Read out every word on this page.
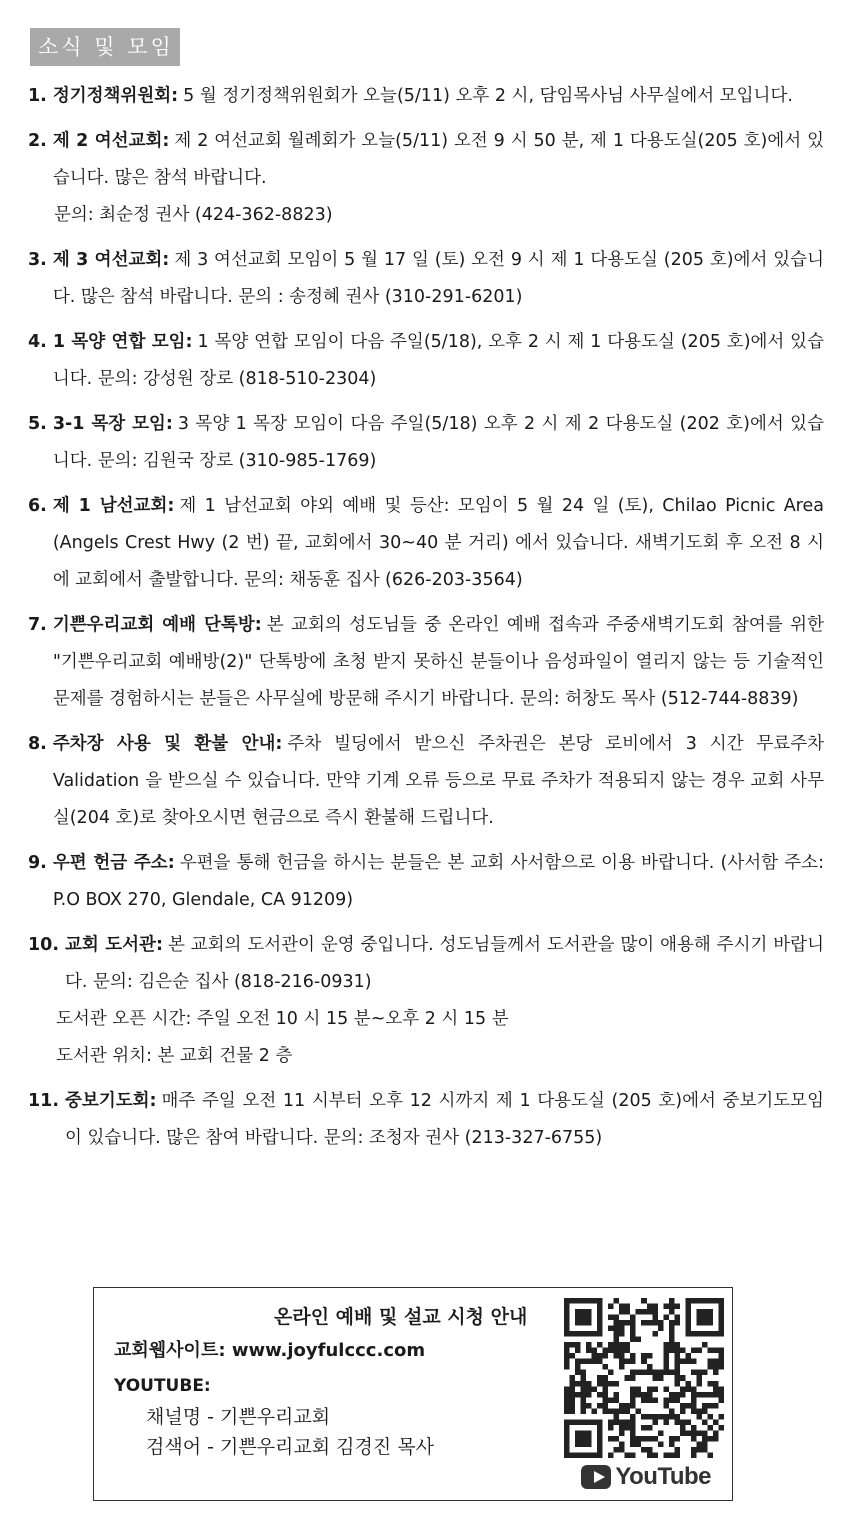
소식 및 모임
1. 정기정책위원회: 5 월 정기정책위원회가 오늘(5/11) 오후 2 시, 담임목사님 사무실에서 모입니다.
2. 제 2 여선교회: 제 2 여선교회 월례회가 오늘(5/11) 오전 9 시 50 분, 제 1 다용도실(205 호)에서 있습니다. 많은 참석 바랍니다.
문의: 최순정 권사 (424-362-8823)
3. 제 3 여선교회: 제 3 여선교회 모임이 5 월 17 일 (토) 오전 9 시 제 1 다용도실 (205 호)에서 있습니다. 많은 참석 바랍니다. 문의 : 송정혜 권사 (310-291-6201)
4. 1 목양 연합 모임: 1 목양 연합 모임이 다음 주일(5/18), 오후 2 시 제 1 다용도실 (205 호)에서 있습니다. 문의: 강성원 장로 (818-510-2304)
5. 3-1 목장 모임: 3 목양 1 목장 모임이 다음 주일(5/18) 오후 2 시 제 2 다용도실 (202 호)에서 있습니다. 문의: 김원국 장로 (310-985-1769)
6. 제 1 남선교회: 제 1 남선교회 야외 예배 및 등산: 모임이 5 월 24 일 (토), Chilao Picnic Area (Angels Crest Hwy (2 번) 끝, 교회에서 30~40 분 거리) 에서 있습니다. 새벽기도회 후 오전 8 시에 교회에서 출발합니다. 문의: 채동훈 집사 (626-203-3564)
7. 기쁜우리교회 예배 단톡방: 본 교회의 성도님들 중 온라인 예배 접속과 주중새벽기도회 참여를 위한 "기쁜우리교회 예배방(2)" 단톡방에 초청 받지 못하신 분들이나 음성파일이 열리지 않는 등 기술적인 문제를 경험하시는 분들은 사무실에 방문해 주시기 바랍니다. 문의: 허창도 목사 (512-744-8839)
8. 주차장 사용 및 환불 안내: 주차 빌딩에서 받으신 주차권은 본당 로비에서 3 시간 무료주차 Validation 을 받으실 수 있습니다. 만약 기계 오류 등으로 무료 주차가 적용되지 않는 경우 교회 사무실(204 호)로 찾아오시면 현금으로 즉시 환불해 드립니다.
9. 우편 헌금 주소: 우편을 통해 헌금을 하시는 분들은 본 교회 사서함으로 이용 바랍니다. (사서함 주소: P.O BOX 270, Glendale, CA 91209)
10. 교회 도서관: 본 교회의 도서관이 운영 중입니다. 성도님들께서 도서관을 많이 애용해 주시기 바랍니다. 문의: 김은순 집사 (818-216-0931)
도서관 오픈 시간: 주일 오전 10 시 15 분~오후 2 시 15 분
도서관 위치: 본 교회 건물 2 층
11. 중보기도회: 매주 주일 오전 11 시부터 오후 12 시까지 제 1 다용도실 (205 호)에서 중보기도모임이 있습니다. 많은 참여 바랍니다. 문의: 조청자 권사 (213-327-6755)
온라인 예배 및 설교 시청 안내
교회웹사이트: www.joyfulccc.com
YOUTUBE:
채널명 - 기쁜우리교회
검색어 - 기쁜우리교회 김경진 목사
YouTube
